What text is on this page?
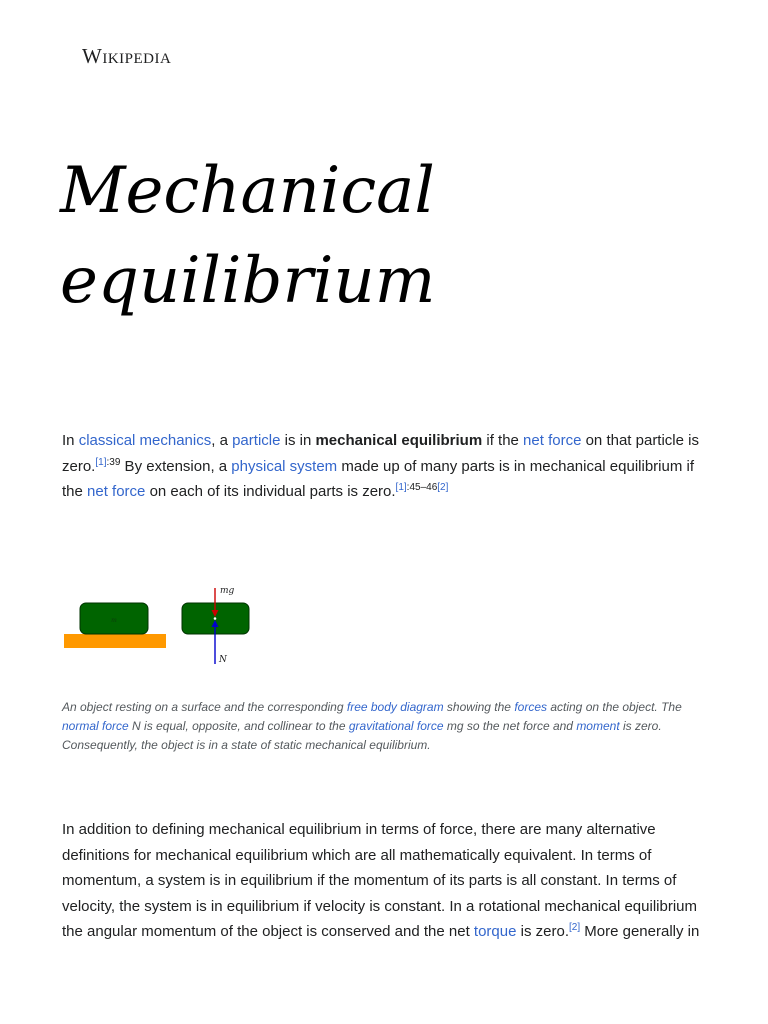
Wikipedia
Mechanical
equilibrium

In classical mechanics, a particle is in mechanical equilibrium if the net force on that particle is zero.$^{[1]:39}$ By extension, a physical system made up of many parts is in mechanical equilibrium if the net force on each of its individual parts is zero.[1]:45–46[2]

m
mg
N

An object resting on a surface and the corresponding free body diagram showing the forces acting on the object. The normal force N is equal, opposite, and collinear to the gravitational force mg so the net force and moment is zero. Consequently, the object is in a state of static mechanical equilibrium.

In addition to defining mechanical equilibrium in terms of force, there are many alternative definitions for mechanical equilibrium which are all mathematically equivalent. In terms of momentum, a system is in equilibrium if the momentum of its parts is all constant. In terms of velocity, the system is in equilibrium if velocity is constant. In a rotational mechanical equilibrium the angular momentum of the object is conserved and the net torque is zero.[2] More generally in
